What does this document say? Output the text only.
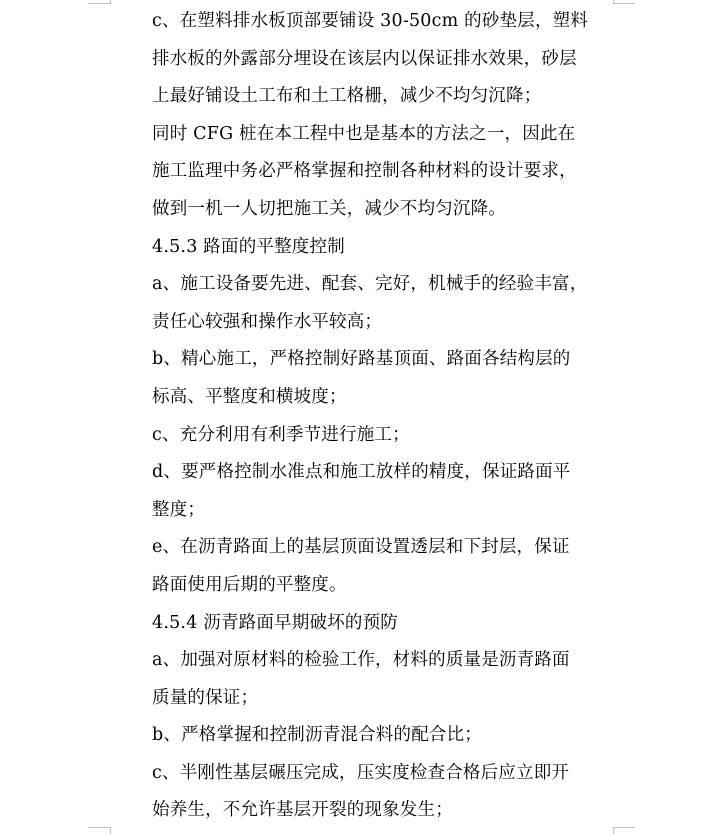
c、在塑料排水板顶部要铺设 30-50cm 的砂垫层，塑料
排水板的外露部分埋设在该层内以保证排水效果，砂层
上最好铺设土工布和土工格栅，减少不均匀沉降；
同时 CFG 桩在本工程中也是基本的方法之一，因此在
施工监理中务必严格掌握和控制各种材料的设计要求，
做到一机一人切把施工关，减少不均匀沉降。
4.5.3 路面的平整度控制
a、施工设备要先进、配套、完好，机械手的经验丰富，
责任心较强和操作水平较高；
b、精心施工，严格控制好路基顶面、路面各结构层的
标高、平整度和横坡度；
c、充分利用有利季节进行施工；
d、要严格控制水准点和施工放样的精度，保证路面平
整度；
e、在沥青路面上的基层顶面设置透层和下封层，保证
路面使用后期的平整度。
4.5.4 沥青路面早期破坏的预防
a、加强对原材料的检验工作，材料的质量是沥青路面
质量的保证；
b、严格掌握和控制沥青混合料的配合比；
c、半刚性基层碾压完成，压实度检查合格后应立即开
始养生，不允许基层开裂的现象发生；
